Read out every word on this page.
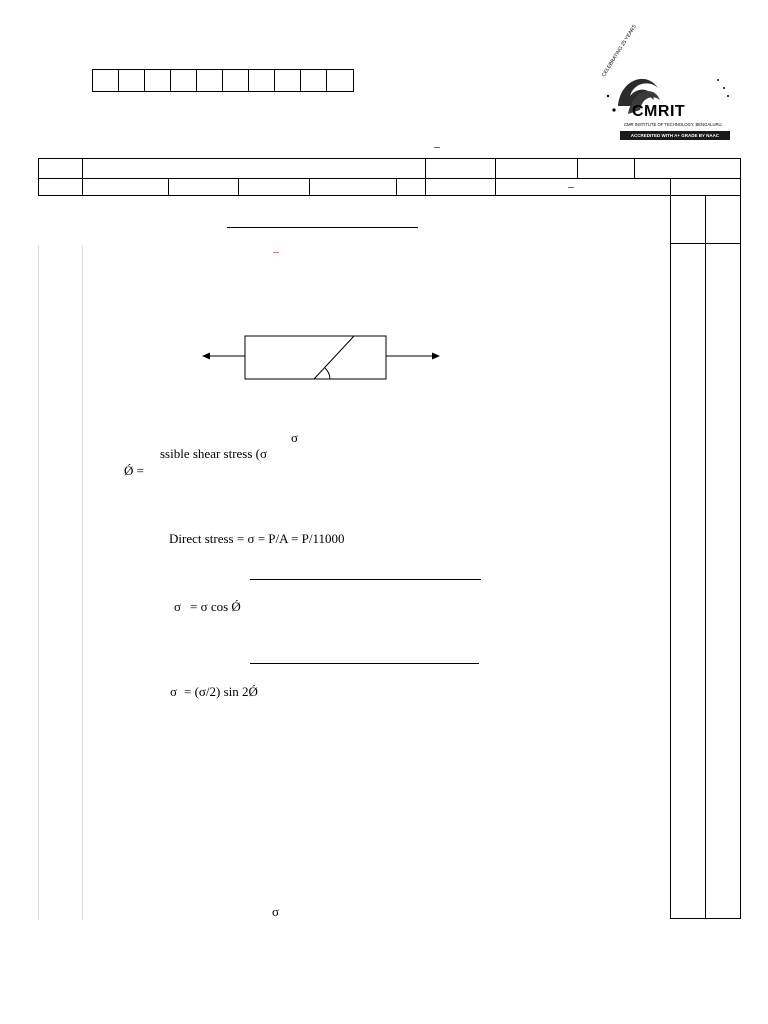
CELEBRATING 25 YEARS
CMRIT
CMR INSTITUTE OF TECHNOLOGY, BENGALURU.
ACCREDITED WITH A+ GRADE BY NAAC
–
–
–
σ
ssible shear stress (σ
Ǿ =
Direct stress = σ = P/A = P/11000
σ = σ cos Ǿ
σ = (σ/2) sin 2Ǿ
σ
